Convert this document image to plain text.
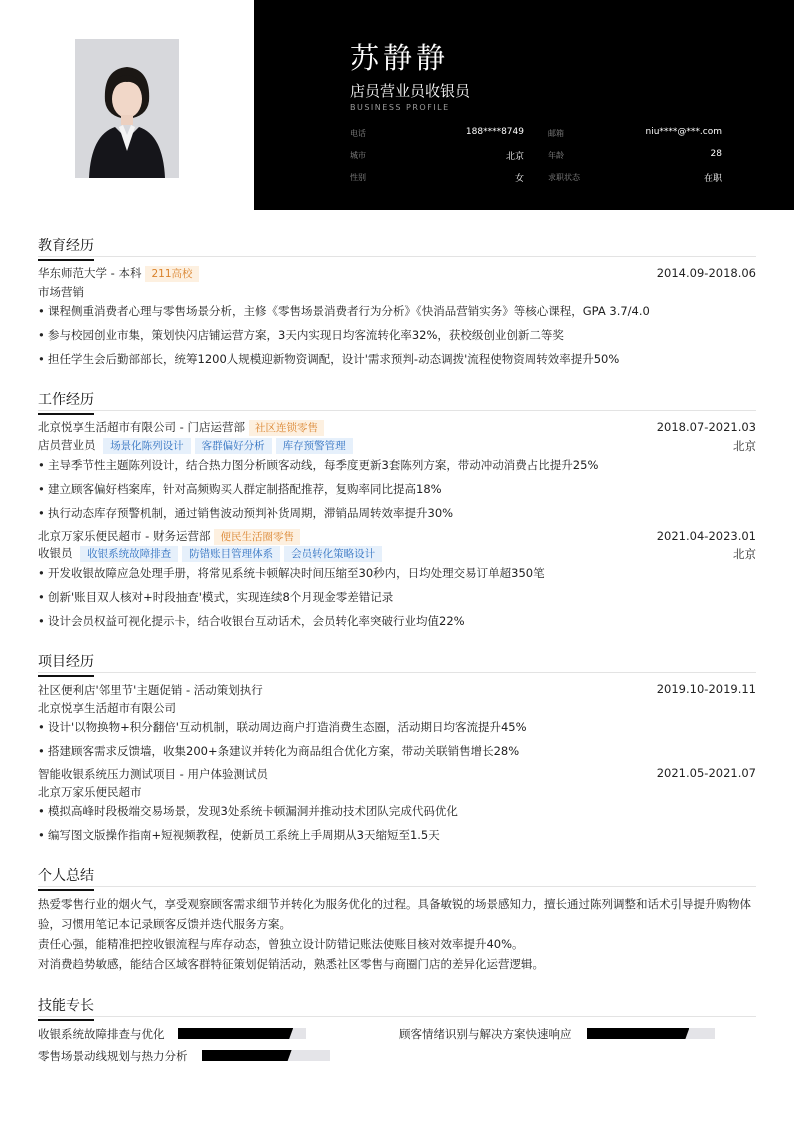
苏静静
店员营业员收银员
BUSINESS PROFILE
电话	188****8749	邮箱	niu****@***.com
城市	北京	年龄	28
性别	女	求职状态	在职
教育经历
华东师范大学 - 本科 211高校	2014.09-2018.06
市场营销
• 课程侧重消费者心理与零售场景分析，主修《零售场景消费者行为分析》《快消品营销实务》等核心课程，GPA 3.7/4.0
• 参与校园创业市集，策划快闪店铺运营方案，3天内实现日均客流转化率32%，获校级创业创新二等奖
• 担任学生会后勤部部长，统筹1200人规模迎新物资调配，设计'需求预判-动态调拨'流程使物资周转效率提升50%
工作经历
北京悦享生活超市有限公司 - 门店运营部 社区连锁零售	2018.07-2021.03
店员营业员 场景化陈列设计 客群偏好分析 库存预警管理	北京
• 主导季节性主题陈列设计，结合热力图分析顾客动线，每季度更新3套陈列方案，带动冲动消费占比提升25%
• 建立顾客偏好档案库，针对高频购买人群定制搭配推荐，复购率同比提高18%
• 执行动态库存预警机制，通过销售波动预判补货周期，滞销品周转效率提升30%
北京万家乐便民超市 - 财务运营部 便民生活圈零售	2021.04-2023.01
收银员 收银系统故障排查 防错账目管理体系 会员转化策略设计	北京
• 开发收银故障应急处理手册，将常见系统卡顿解决时间压缩至30秒内，日均处理交易订单超350笔
• 创新'账目双人核对+时段抽查'模式，实现连续8个月现金零差错记录
• 设计会员权益可视化提示卡，结合收银台互动话术，会员转化率突破行业均值22%
项目经历
社区便利店'邻里节'主题促销 - 活动策划执行	2019.10-2019.11
北京悦享生活超市有限公司
• 设计'以物换物+积分翻倍'互动机制，联动周边商户打造消费生态圈，活动期日均客流提升45%
• 搭建顾客需求反馈墙，收集200+条建议并转化为商品组合优化方案，带动关联销售增长28%
智能收银系统压力测试项目 - 用户体验测试员	2021.05-2021.07
北京万家乐便民超市
• 模拟高峰时段极端交易场景，发现3处系统卡顿漏洞并推动技术团队完成代码优化
• 编写图文版操作指南+短视频教程，使新员工系统上手周期从3天缩短至1.5天
个人总结
热爱零售行业的烟火气，享受观察顾客需求细节并转化为服务优化的过程。具备敏锐的场景感知力，擅长通过陈列调整和话术引导提升购物体验，习惯用笔记本记录顾客反馈并迭代服务方案。
责任心强，能精准把控收银流程与库存动态，曾独立设计防错记账法使账目核对效率提升40%。
对消费趋势敏感，能结合区域客群特征策划促销活动，熟悉社区零售与商圈门店的差异化运营逻辑。
技能专长
收银系统故障排查与优化	顾客情绪识别与解决方案快速响应
零售场景动线规划与热力分析
